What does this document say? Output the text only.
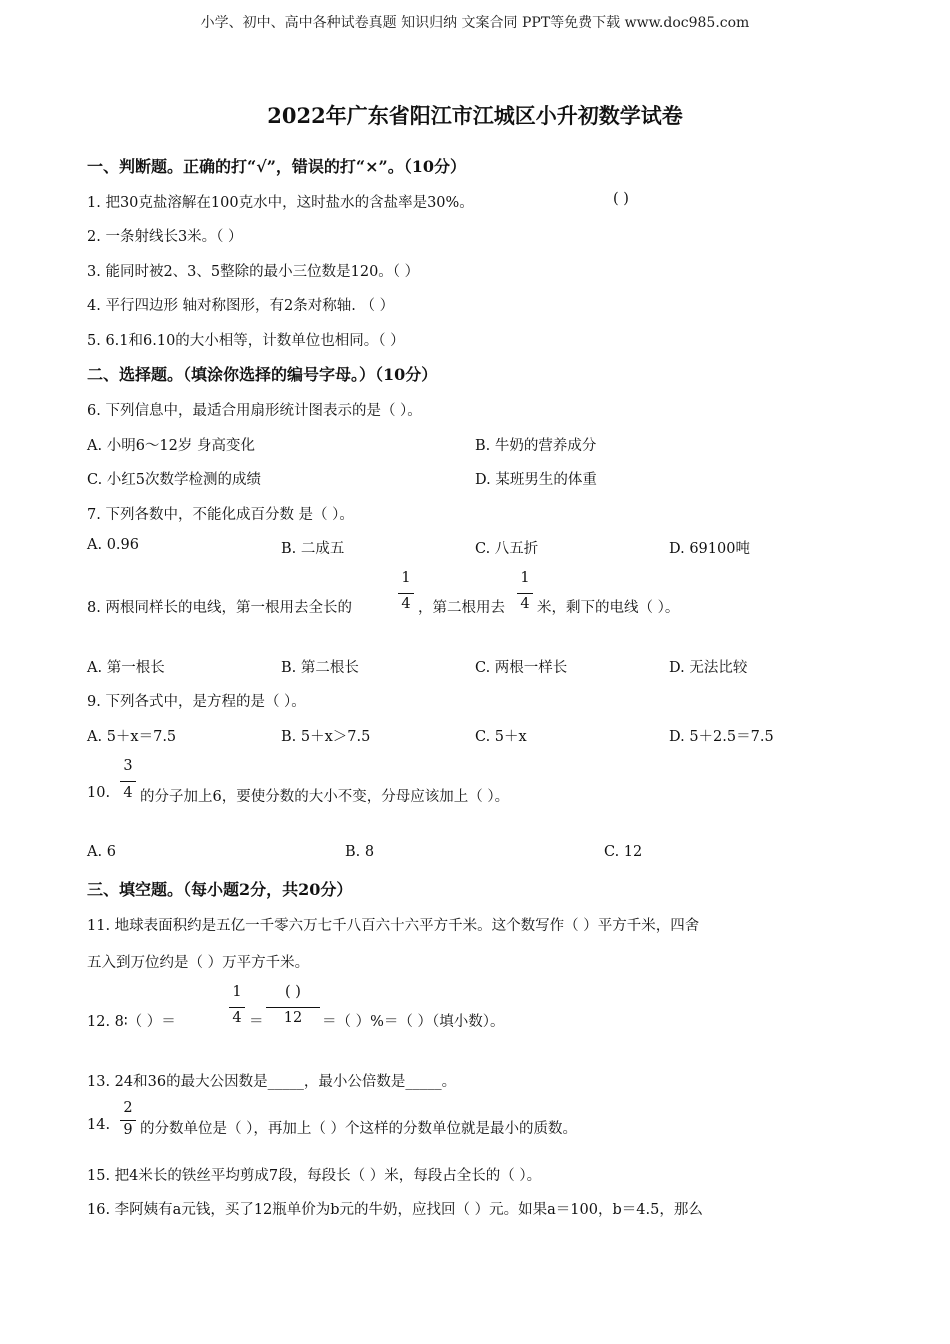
小学、初中、高中各种试卷真题 知识归纳 文案合同 PPT等免费下载 www.doc985.com
2022年广东省阳江市江城区小升初数学试卷
一、判断题。正确的打“√”，错误的打“×”。（10分）
1. 把30克盐溶解在100克水中，这时盐水的含盐率是30%。	( )
2. 一条射线长3米。（ ）
3. 能同时被2、3、5整除的最小三位数是120。（ ）
4. 平行四边形 轴对称图形，有2条对称轴. （ ）
5. 6.1和6.10的大小相等，计数单位也相同。（ ）
二、选择题。（填涂你选择的编号字母。）（10分）
6. 下列信息中，最适合用扇形统计图表示的是（ ）。
A. 小明6～12岁 身高变化	B. 牛奶的营养成分
C. 小红5次数学检测的成绩	D. 某班男生的体重
7. 下列各数中，不能化成百分数 是（ ）。
A. 0.96	B. 二成五	C. 八五折	D. 69100吨
8. 两根同样长的电线，第一根用去全长的
1
4 ，第二根用去
1
4 米，剩下的电线（ ）。
A. 第一根长	B. 第二根长	C. 两根一样长	D. 无法比较
9. 下列各式中，是方程的是（ ）。
A. 5＋x＝7.5	B. 5＋x＞7.5	C. 5＋x	D. 5＋2.5＝7.5
10.
3
4 的分子加上6，要使分数的大小不变，分母应该加上（ ）。
A. 6	B. 8	C. 12
三、填空题。（每小题2分，共20分）
11. 地球表面积约是五亿一千零六万七千八百六十六平方千米。这个数写作（ ）平方千米，四舍
五入到万位约是（ ）万平方千米。
12. 8∶（ ）＝
1
4 ＝
( )
12	＝（ ）%＝（ ）（填小数）。
13. 24和36的最大公因数是_____，最小公倍数是_____。
14.
2
9 的分数单位是（ ），再加上（ ）个这样的分数单位就是最小的质数。
15. 把4米长的铁丝平均剪成7段，每段长（ ）米，每段占全长的（ ）。
16. 李阿姨有a元钱，买了12瓶单价为b元的牛奶，应找回（ ）元。如果a＝100，b＝4.5，那么
